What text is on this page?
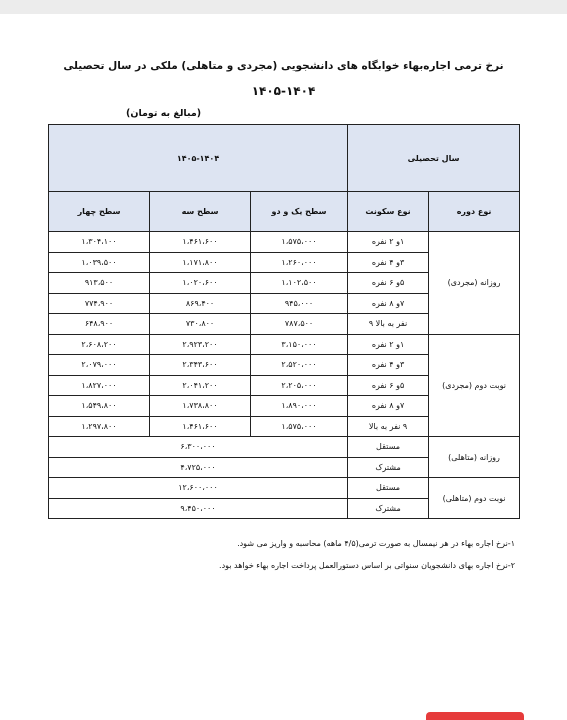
نرخ ترمی اجاره‌بهاء خوابگاه های دانشجویی (مجردی و متاهلی) ملکی در سال تحصیلی
۱۴۰۵-۱۴۰۴
(مبالغ به تومان)
سال تحصیلی		۱۴۰۵-۱۴۰۴		
نوع دوره	نوع سکونت	سطح یک و دو	سطح سه	سطح چهار
روزانه (مجردی)	۱و ۲ نفره	۱،۵۷۵،۰۰۰	۱،۴۶۱،۶۰۰	۱،۳۰۴،۱۰۰
	۳و ۴ نفره	۱،۲۶۰،۰۰۰	۱،۱۷۱،۸۰۰	۱،۰۳۹،۵۰۰
	۵و ۶ نفره	۱،۱۰۲،۵۰۰	۱،۰۲۰،۶۰۰	۹۱۳،۵۰۰
	۷و ۸ نفره	۹۴۵،۰۰۰	۸۶۹،۴۰۰	۷۷۴،۹۰۰
	نفر به بالا ۹	۷۸۷،۵۰۰	۷۳۰،۸۰۰	۶۴۸،۹۰۰
نوبت دوم (مجردی)	۱و ۲ نفره	۳،۱۵۰،۰۰۰	۲،۹۲۳،۲۰۰	۲،۶۰۸،۲۰۰
	۳و ۴ نفره	۲،۵۲۰،۰۰۰	۲،۳۴۳،۶۰۰	۲،۰۷۹،۰۰۰
	۵و ۶ نفره	۲،۲۰۵،۰۰۰	۲،۰۴۱،۲۰۰	۱،۸۲۷،۰۰۰
	۷و ۸ نفره	۱،۸۹۰،۰۰۰	۱،۷۳۸،۸۰۰	۱،۵۴۹،۸۰۰
	۹ نفر به بالا	۱،۵۷۵،۰۰۰	۱،۴۶۱،۶۰۰	۱،۲۹۷،۸۰۰
روزانه (متاهلی)	مستقل	۶،۳۰۰،۰۰۰		
	مشترک	۴،۷۲۵،۰۰۰		
نوبت دوم (متاهلی)	مستقل	۱۲،۶۰۰،۰۰۰		
	مشترک	۹،۴۵۰،۰۰۰		
۱-نرخ اجاره بهاء در هر نیمسال به صورت ترمی(۴/۵ ماهه) محاسبه و واریز می شود.
۲-نرخ اجاره بهای دانشجویان سنواتی بر اساس دستورالعمل پرداخت اجاره بهاء خواهد بود.
